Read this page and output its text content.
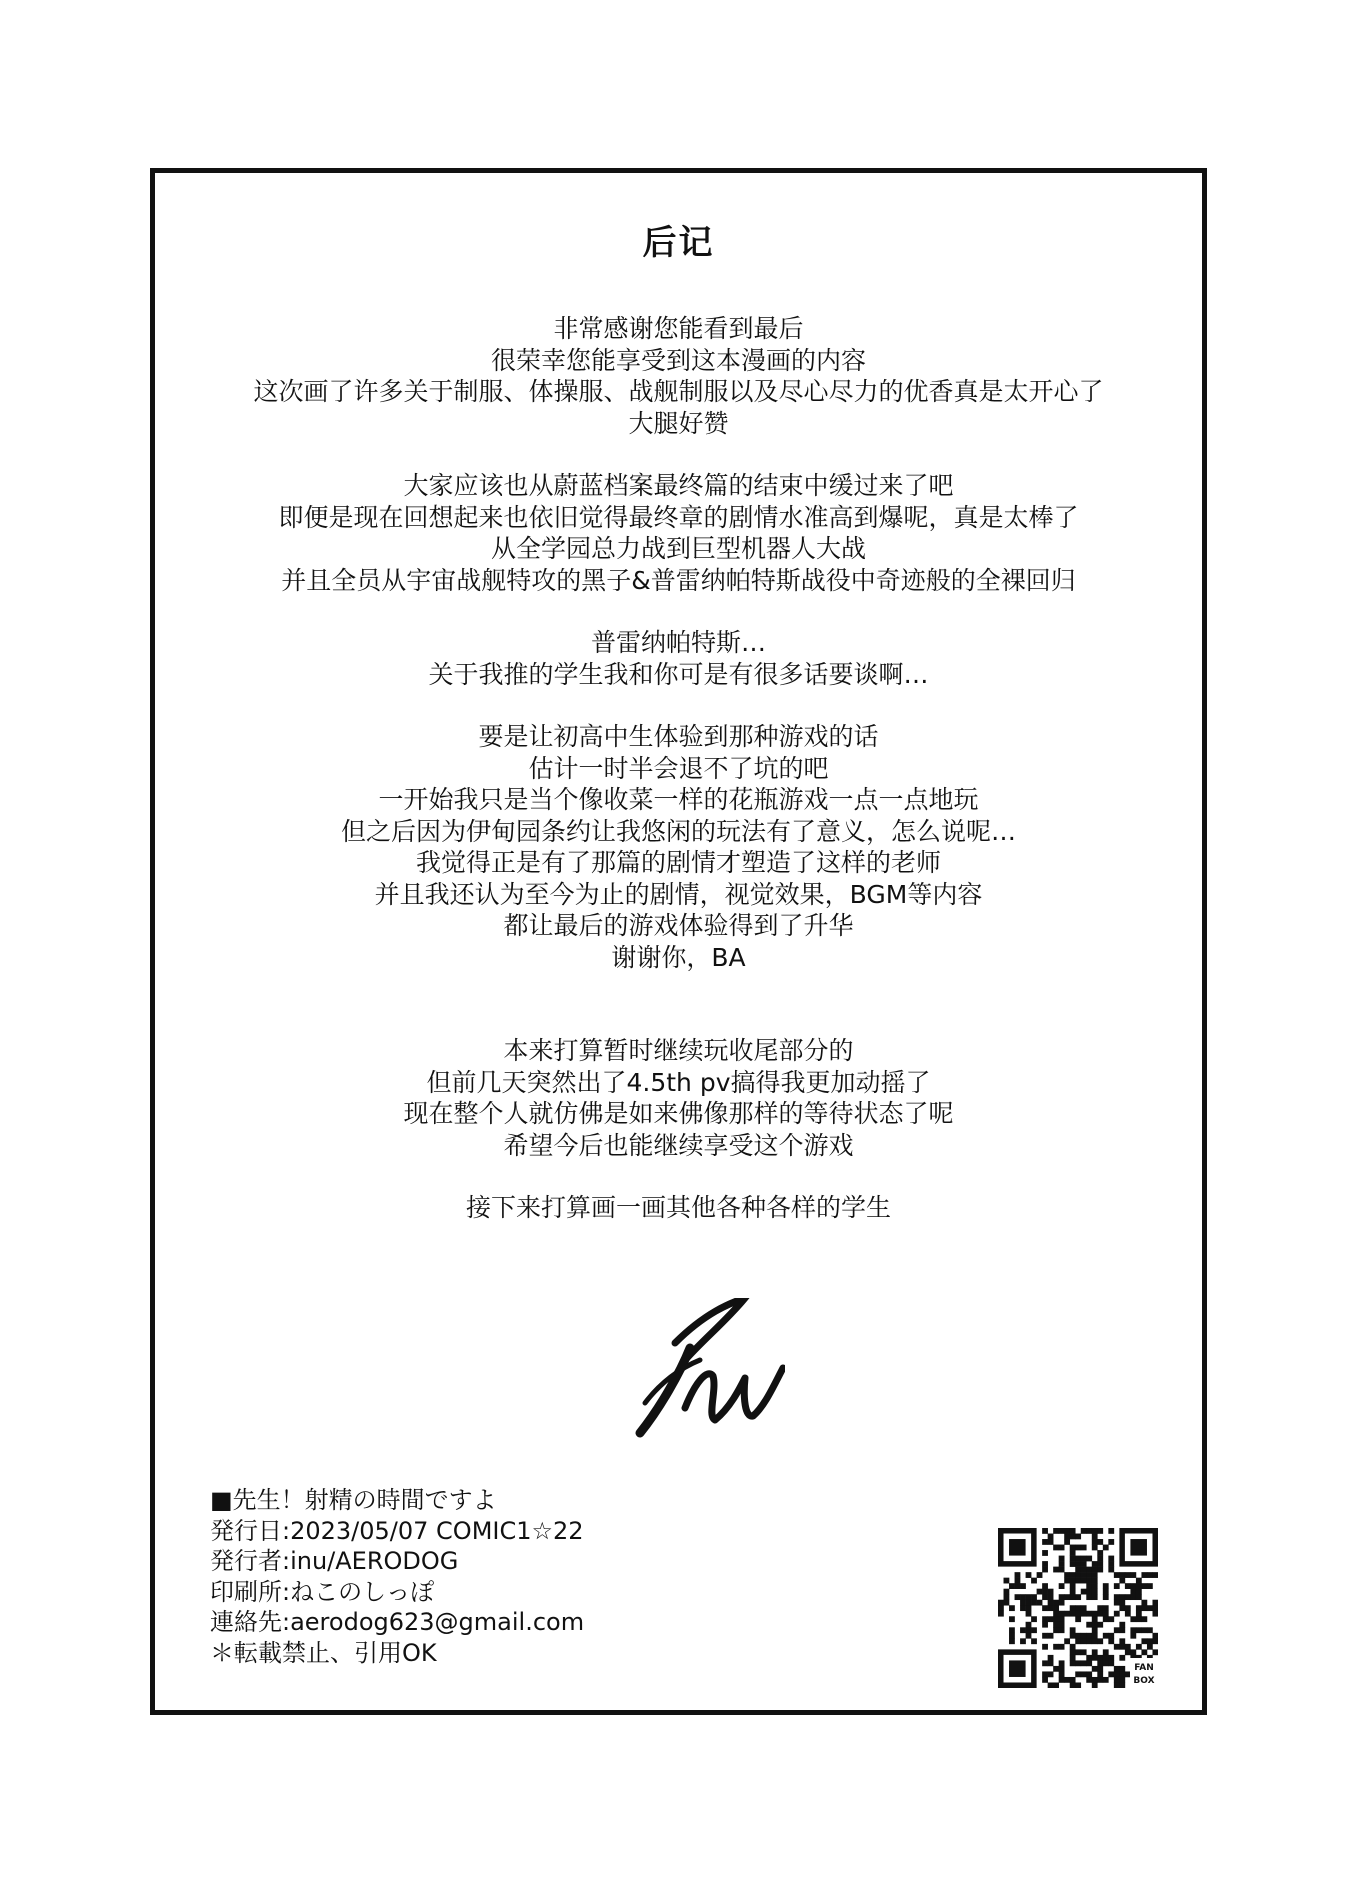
后记
非常感谢您能看到最后
很荣幸您能享受到这本漫画的内容
这次画了许多关于制服、体操服、战舰制服以及尽心尽力的优香真是太开心了
大腿好赞
大家应该也从蔚蓝档案最终篇的结束中缓过来了吧
即便是现在回想起来也依旧觉得最终章的剧情水准高到爆呢，真是太棒了
从全学园总力战到巨型机器人大战
并且全员从宇宙战舰特攻的黑子&普雷纳帕特斯战役中奇迹般的全裸回归
普雷纳帕特斯…
关于我推的学生我和你可是有很多话要谈啊…
要是让初高中生体验到那种游戏的话
估计一时半会退不了坑的吧
一开始我只是当个像收菜一样的花瓶游戏一点一点地玩
但之后因为伊甸园条约让我悠闲的玩法有了意义，怎么说呢…
我觉得正是有了那篇的剧情才塑造了这样的老师
并且我还认为至今为止的剧情，视觉效果，BGM等内容
都让最后的游戏体验得到了升华
谢谢你，BA
本来打算暂时继续玩收尾部分的
但前几天突然出了4.5th pv搞得我更加动摇了
现在整个人就仿佛是如来佛像那样的等待状态了呢
希望今后也能继续享受这个游戏
接下来打算画一画其他各种各样的学生
■先生！射精の時間ですよ
発行日:2023/05/07 COMIC1☆22
発行者:inu/AERODOG
印刷所:ねこのしっぽ
連絡先:aerodog623@gmail.com
＊転載禁止、引用OK
FAN
BOX
